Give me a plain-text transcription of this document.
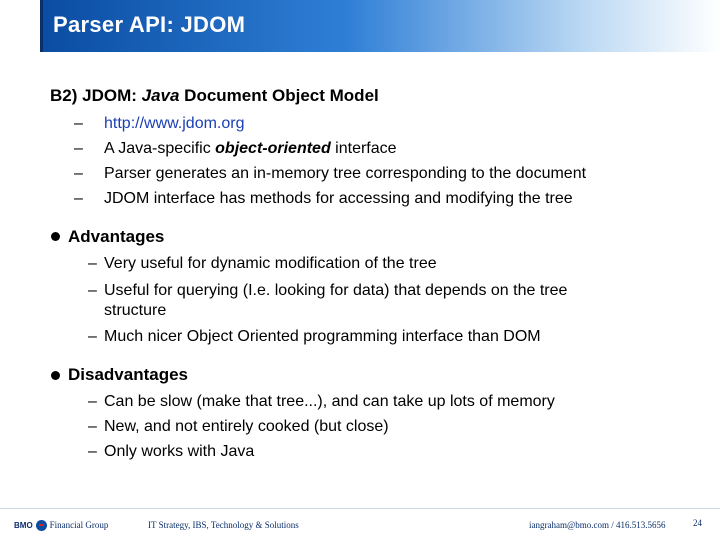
Parser API: JDOM
B2) JDOM: Java Document Object Model
– http://www.jdom.org
– A Java-specific object-oriented interface
– Parser generates an in-memory tree corresponding to the document
– JDOM interface has methods for accessing and modifying the tree
Advantages
– Very useful for dynamic modification of the tree
– Useful for querying (I.e. looking for data) that depends on the tree
structure
– Much nicer Object Oriented programming interface than DOM
Disadvantages
– Can be slow (make that tree...), and can take up lots of memory
– New, and not entirely cooked (but close)
– Only works with Java
BMO Financial Group	IT Strategy, IBS, Technology & Solutions	iangraham@bmo.com / 416.513.5656	24
